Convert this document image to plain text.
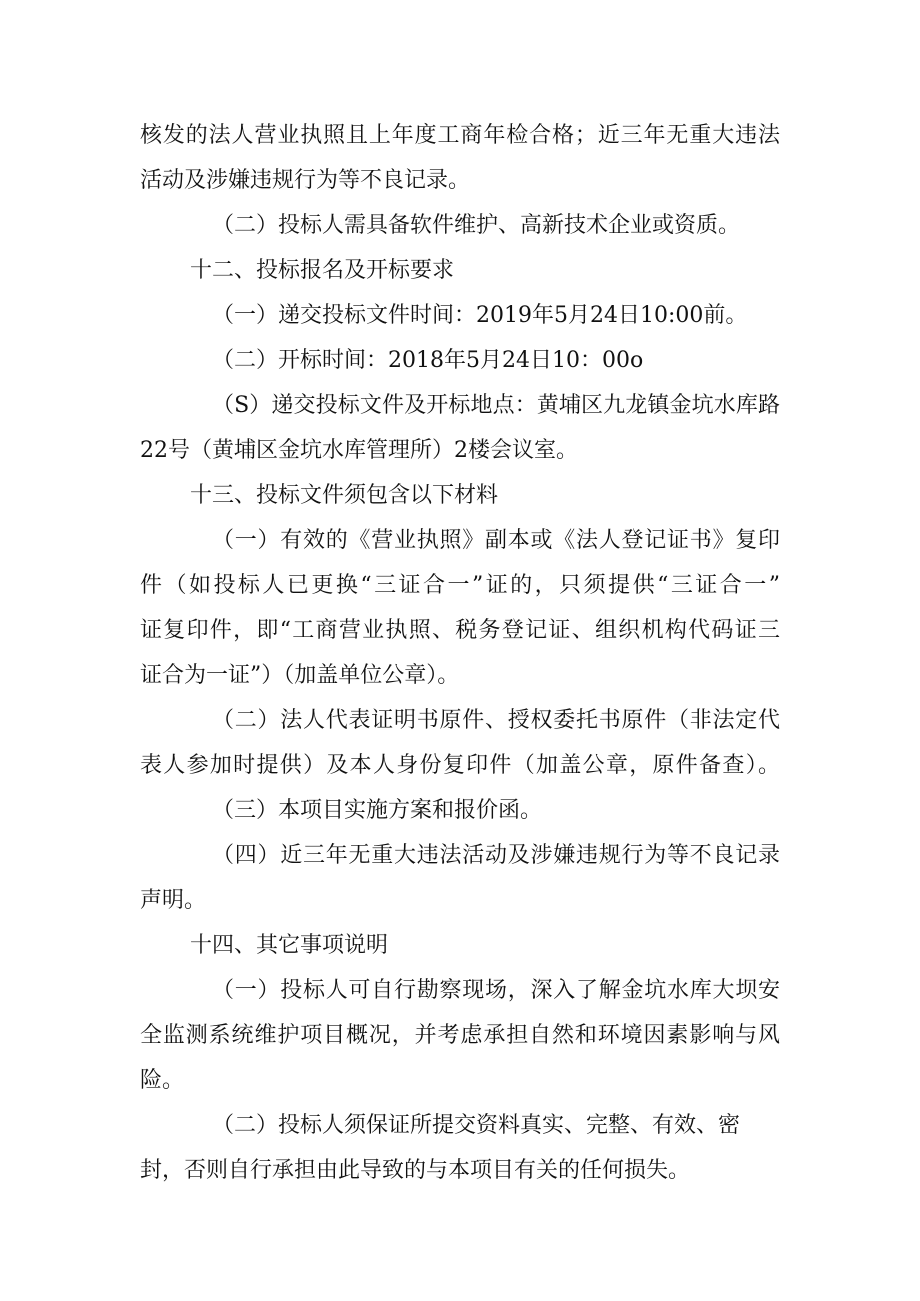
核发的法人营业执照且上年度工商年检合格；近三年无重大违法
活动及涉嫌违规行为等不良记录。
（二）投标人需具备软件维护、高新技术企业或资质。
十二、投标报名及开标要求
（一）递交投标文件时间：2019年5月24日10:00前。
（二）开标时间：2018年5月24日10：00o
（S）递交投标文件及开标地点：黄埔区九龙镇金坑水库路
22号（黄埔区金坑水库管理所）2楼会议室。
十三、投标文件须包含以下材料
（一）有效的《营业执照》副本或《法人登记证书》复印
件（如投标人已更换“三证合一”证的，只须提供“三证合一”
证复印件，即“工商营业执照、税务登记证、组织机构代码证三
证合为一证”）（加盖单位公章）。
（二）法人代表证明书原件、授权委托书原件（非法定代
表人参加时提供）及本人身份复印件（加盖公章，原件备查）。
（三）本项目实施方案和报价函。
（四）近三年无重大违法活动及涉嫌违规行为等不良记录
声明。
十四、其它事项说明
（一）投标人可自行勘察现场，深入了解金坑水库大坝安
全监测系统维护项目概况，并考虑承担自然和环境因素影响与风
险。
（二）投标人须保证所提交资料真实、完整、有效、密
封，否则自行承担由此导致的与本项目有关的任何损失。
